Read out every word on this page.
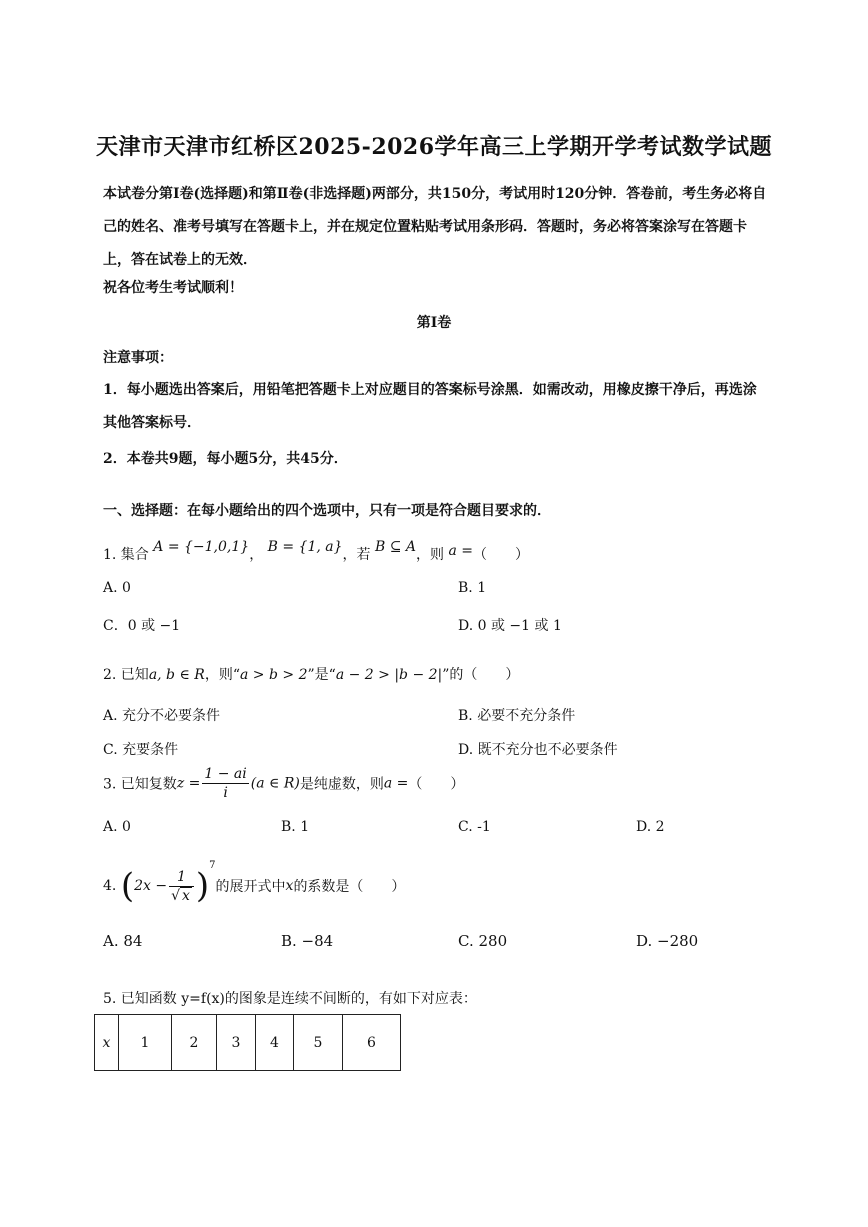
天津市天津市红桥区2025-2026学年高三上学期开学考试数学试题
本试卷分第Ⅰ卷(选择题)和第Ⅱ卷(非选择题)两部分，共150分，考试用时120分钟．答卷前，考生务必将自己的姓名、准考号填写在答题卡上，并在规定位置粘贴考试用条形码．答题时，务必将答案涂写在答题卡上，答在试卷上的无效．
祝各位考生考试顺利！
第Ⅰ卷
注意事项：
1．每小题选出答案后，用铅笔把答题卡上对应题目的答案标号涂黑．如需改动，用橡皮擦干净后，再选涂其他答案标号．
2．本卷共9题，每小题5分，共45分．
一、选择题：在每小题给出的四个选项中，只有一项是符合题目要求的．
1. 集合 A = {−1,0,1}， B = {1, a}，若 B ⊆ A，则 a =（　　）
A. 0	B. 1
C．0 或 −1	D. 0 或 −1 或 1
2. 已知a, b ∈ R，则“a > b > 2”是“a − 2 > |b − 2|”的（　　）
A. 充分不必要条件	B. 必要不充分条件
C. 充要条件	D. 既不充分也不必要条件
3. 已知复数$z = \frac{1 - ai}{i} (a$ ∈ R)是纯虚数，则a =（　　）
A. 0	B. 1	C. -1	D. 2
4. $(2x - \frac{1}{√ x} )^7$的展开式中x的系数是（　　）
A. 84	B. −84	C. 280	D. −280
5. 已知函数 y=f(x)的图象是连续不间断的，有如下对应表：
x	1	2	3	4	5	6
